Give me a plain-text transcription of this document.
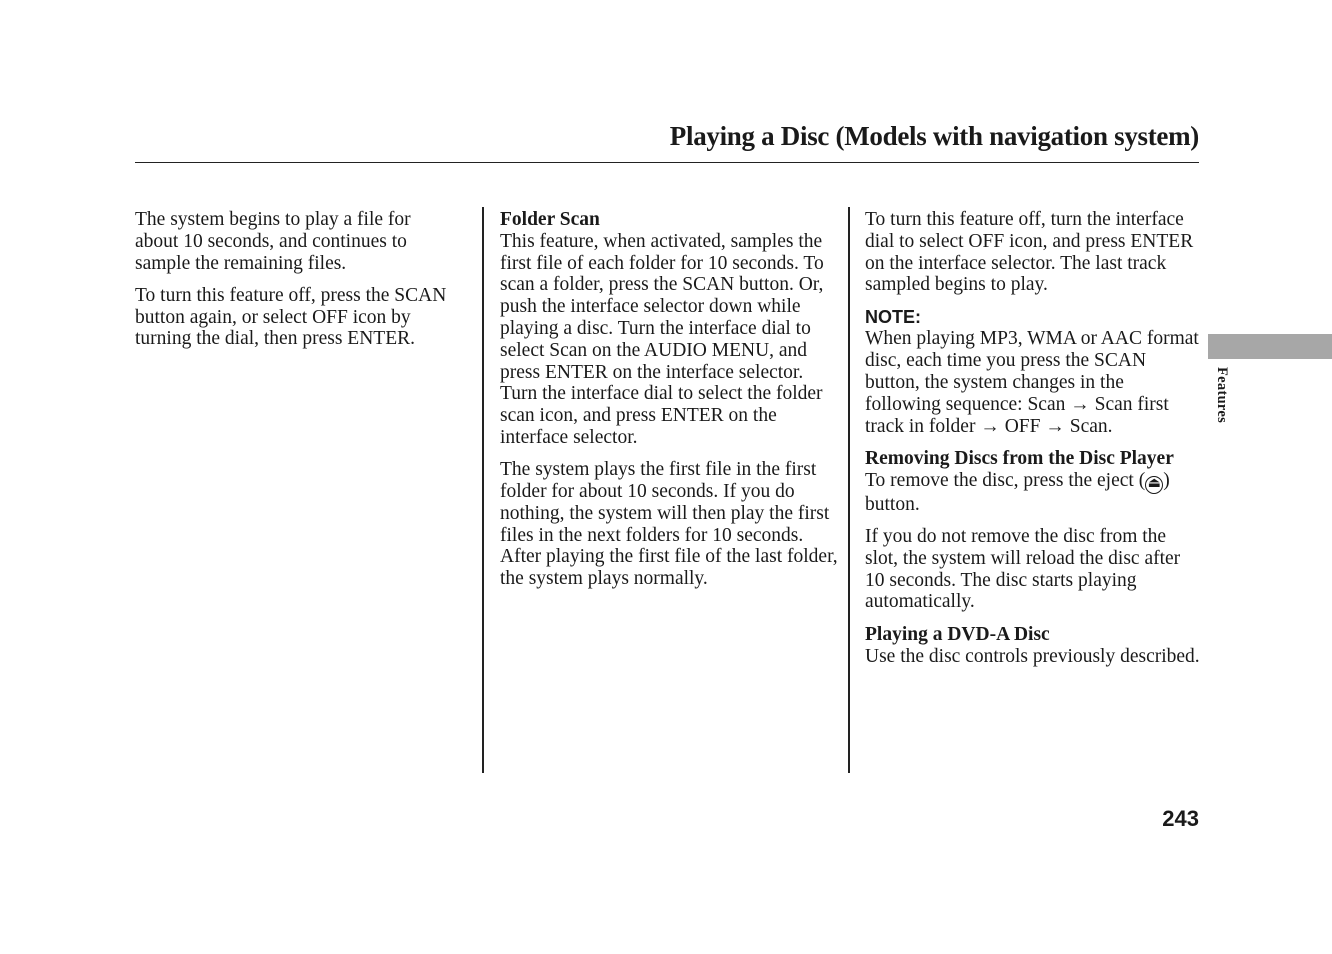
Playing a Disc (Models with navigation system)

The system begins to play a file for about 10 seconds, and continues to sample the remaining files.

To turn this feature off, press the SCAN button again, or select OFF icon by turning the dial, then press ENTER.

Folder Scan
This feature, when activated, samples the first file of each folder for 10 seconds. To scan a folder, press the SCAN button. Or, push the interface selector down while playing a disc. Turn the interface dial to select Scan on the AUDIO MENU, and press ENTER on the interface selector. Turn the interface dial to select the folder scan icon, and press ENTER on the interface selector.

The system plays the first file in the first folder for about 10 seconds. If you do nothing, the system will then play the first files in the next folders for 10 seconds. After playing the first file of the last folder, the system plays normally.

To turn this feature off, turn the interface dial to select OFF icon, and press ENTER on the interface selector. The last track sampled begins to play.

NOTE:
When playing MP3, WMA or AAC format disc, each time you press the SCAN button, the system changes in the following sequence: Scan → Scan first track in folder → OFF → Scan.

Removing Discs from the Disc Player
To remove the disc, press the eject ( ⏏ ) button.

If you do not remove the disc from the slot, the system will reload the disc after 10 seconds. The disc starts playing automatically.

Playing a DVD-A Disc
Use the disc controls previously described.

Features
243
